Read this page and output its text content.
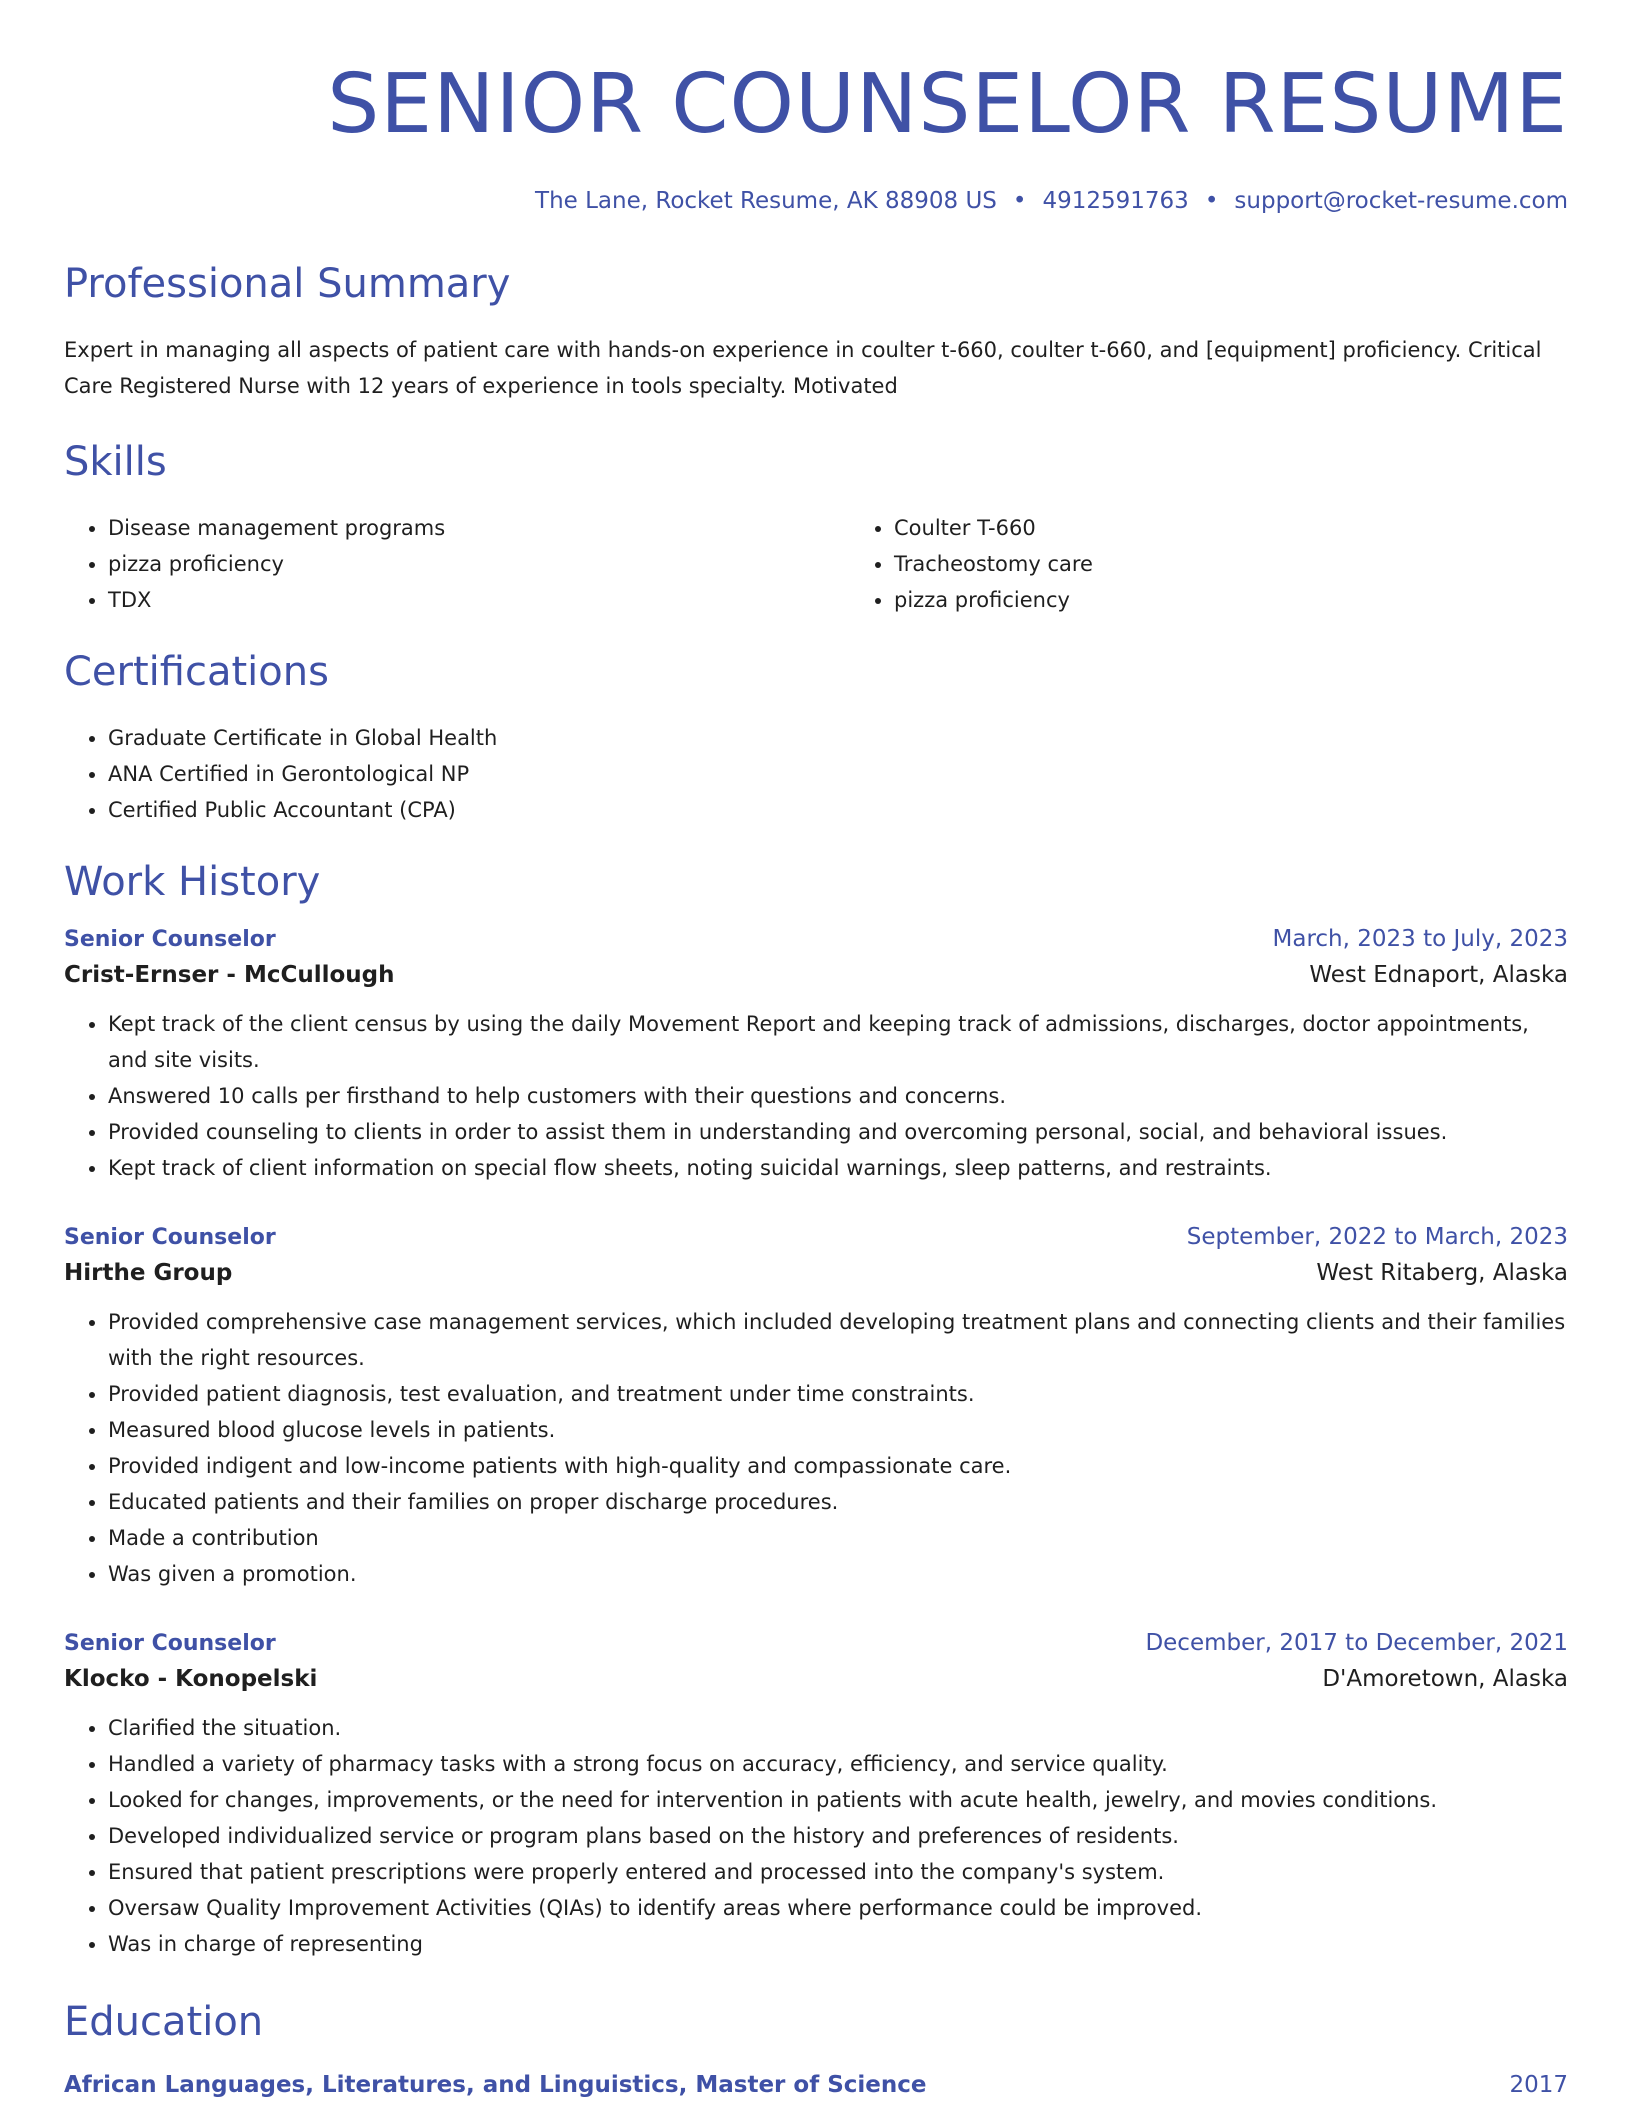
SENIOR COUNSELOR RESUME
The Lane, Rocket Resume, AK 88908 US • 4912591763 • support@rocket-resume.com
Professional Summary
Expert in managing all aspects of patient care with hands-on experience in coulter t-660, coulter t-660, and [equipment] proficiency. Critical Care Registered Nurse with 12 years of experience in tools specialty. Motivated
Skills
• Disease management programs
• pizza proficiency
• TDX
• Coulter T-660
• Tracheostomy care
• pizza proficiency
Certifications
• Graduate Certificate in Global Health
• ANA Certified in Gerontological NP
• Certified Public Accountant (CPA)
Work History
Senior Counselor	March, 2023 to July, 2023
Crist-Ernser - McCullough	West Ednaport, Alaska
• Kept track of the client census by using the daily Movement Report and keeping track of admissions, discharges, doctor appointments, and site visits.
• Answered 10 calls per firsthand to help customers with their questions and concerns.
• Provided counseling to clients in order to assist them in understanding and overcoming personal, social, and behavioral issues.
• Kept track of client information on special flow sheets, noting suicidal warnings, sleep patterns, and restraints.
Senior Counselor	September, 2022 to March, 2023
Hirthe Group	West Ritaberg, Alaska
• Provided comprehensive case management services, which included developing treatment plans and connecting clients and their families with the right resources.
• Provided patient diagnosis, test evaluation, and treatment under time constraints.
• Measured blood glucose levels in patients.
• Provided indigent and low-income patients with high-quality and compassionate care.
• Educated patients and their families on proper discharge procedures.
• Made a contribution
• Was given a promotion.
Senior Counselor	December, 2017 to December, 2021
Klocko - Konopelski	D'Amoretown, Alaska
• Clarified the situation.
• Handled a variety of pharmacy tasks with a strong focus on accuracy, efficiency, and service quality.
• Looked for changes, improvements, or the need for intervention in patients with acute health, jewelry, and movies conditions.
• Developed individualized service or program plans based on the history and preferences of residents.
• Ensured that patient prescriptions were properly entered and processed into the company's system.
• Oversaw Quality Improvement Activities (QIAs) to identify areas where performance could be improved.
• Was in charge of representing
Education
African Languages, Literatures, and Linguistics, Master of Science	2017
